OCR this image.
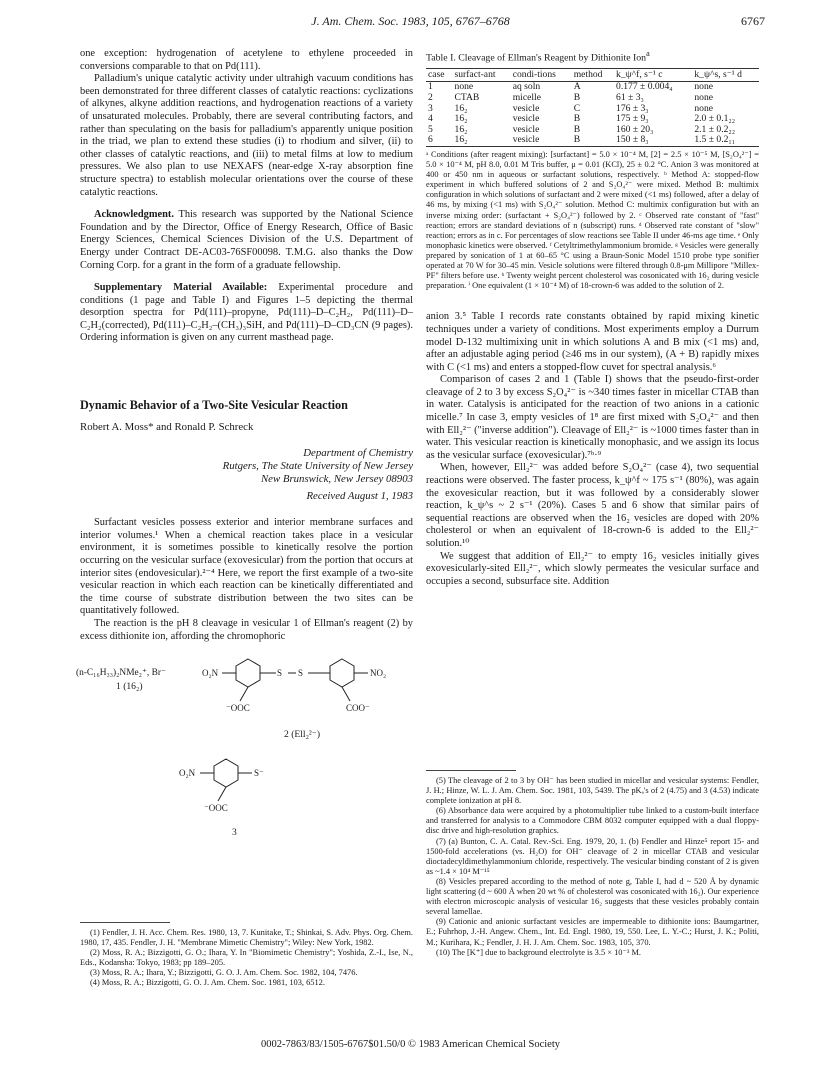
J. Am. Chem. Soc. 1983, 105, 6767–6768	6767

one exception: hydrogenation of acetylene to ethylene proceeded in conversions comparable to that on Pd(111).

Palladium's unique catalytic activity under ultrahigh vacuum conditions has been demonstrated for three different classes of catalytic reactions: cyclizations of alkynes, alkyne addition reactions, and hydrogenation reactions of a variety of unsaturated molecules. Probably, there are several contributing factors, and rather than speculating on the basis for palladium's apparently unique position in the triad, we plan to extend these studies (i) to rhodium and silver, (ii) to other classes of catalytic reactions, and (iii) to metal films at low to medium pressures. We also plan to use NEXAFS (near-edge X-ray absorption fine structure spectra) to establish molecular orientations over the course of these catalytic reactions.

Acknowledgment. This research was supported by the National Science Foundation and by the Director, Office of Energy Research, Office of Basic Energy Sciences, Chemical Sciences Division of the U.S. Department of Energy under Contract DE-AC03-76SF00098. T.M.G. also thanks the Dow Corning Corp. for a grant in the form of a graduate fellowship.

Supplementary Material Available: Experimental procedure and conditions (1 page and Table I) and Figures 1–5 depicting the thermal desorption spectra for Pd(111)–propyne, Pd(111)–D–C₂H₂, Pd(111)–D–C₂H₂(corrected), Pd(111)–C₂H₂–(CH₃)₃SiH, and Pd(111)–D–CD₃CN (9 pages). Ordering information is given on any current masthead page.

Dynamic Behavior of a Two-Site Vesicular Reaction
Robert A. Moss* and Ronald P. Schreck
Department of Chemistry
Rutgers, The State University of New Jersey
New Brunswick, New Jersey 08903
Received August 1, 1983

Surfactant vesicles possess exterior and interior membrane surfaces and interior volumes.¹ When a chemical reaction takes place in a vesicular environment, it is sometimes possible to kinetically resolve the portion occurring on the vesicular surface (exovesicular) from the portion that occurs at interior sites (endovesicular).²⁻⁴ Here, we report the first example of a two-site vesicular reaction in which each reaction can be kinetically differentiated and the time course of substrate distribution between the two sites can be quantitatively followed.

The reaction is the pH 8 cleavage in vesicular 1 of Ellman's reagent (2) by excess dithionite ion, affording the chromophoric

(n-C₁₆H₃₃)₂NMe₂⁺, Br⁻
1 (16₂)
O₂N	S S	NO₂
⁻OOC	COO⁻
2 (Ell₂²⁻)
O₂N	S⁻
⁻OOC
3

(1) Fendler, J. H. Acc. Chem. Res. 1980, 13, 7. Kunitake, T.; Shinkai, S. Adv. Phys. Org. Chem. 1980, 17, 435. Fendler, J. H. "Membrane Mimetic Chemistry"; Wiley: New York, 1982.

(2) Moss, R. A.; Bizzigotti, G. O.; Ihara, Y. In "Biomimetic Chemistry"; Yoshida, Z.-I., Ise, N., Eds., Kodansha: Tokyo, 1983; pp 189–205.

(3) Moss, R. A.; Ihara, Y.; Bizzigotti, G. O. J. Am. Chem. Soc. 1982, 104, 7476.

(4) Moss, R. A.; Bizzigotti, G. O. J. Am. Chem. Soc. 1981, 103, 6512.

Table I. Cleavage of Ellman's Reagent by Dithionite Ion$^a$
case	surfact-ant	condi-tions	method	k_ψ^f, s⁻¹ c	k_ψ^s, s⁻¹ d
1	none	aq soln	A	0.177 ± 0.004₄	none
2	CTAB	micelle	B	61 ± 3₃	none
3	16₂	vesicle	C	176 ± 3₃	none
4	16₂	vesicle	B	175 ± 9₃	2.0 ± 0.1₂₂
5	16₂	vesicle	B	160 ± 20₃	2.1 ± 0.2₂₂
6	16₂	vesicle	B	150 ± 8₃	1.5 ± 0.2₁₁
ᵃ Conditions (after reagent mixing): [surfactant] = 5.0 × 10⁻⁴ M, [2] = 2.5 × 10⁻⁵ M, [S₂O₄²⁻] = 5.0 × 10⁻⁴ M, pH 8.0, 0.01 M Tris buffer, μ = 0.01 (KCl), 25 ± 0.2 °C. Anion 3 was monitored at 400 or 450 nm in aqueous or surfactant solutions, respectively. ᵇ Method A: stopped-flow experiment in which buffered solutions of 2 and S₂O₄²⁻ were mixed. Method B: multimix configuration in which solutions of surfactant and 2 were mixed (<1 ms) followed, after a delay of 46 ms, by mixing (<1 ms) with S₂O₄²⁻ solution. Method C: multimix configuration but with an inverse mixing order: (surfactant + S₂O₄²⁻) followed by 2. ᶜ Observed rate constant of "fast" reaction; errors are standard deviations of n (subscript) runs. ᵈ Observed rate constant of "slow" reaction; errors as in c. For percentages of slow reactions see Table II under 46-ms age time. ᵉ Only monophasic kinetics were observed. ᶠ Cetyltrimethylammonium bromide. ᵍ Vesicles were generally prepared by sonication of 1 at 60–65 °C using a Braun-Sonic Model 1510 probe type sonifier operated at 70 W for 30–45 min. Vesicle solutions were filtered through 0.8-μm Millipore "Millex-PF" filters before use. ʰ Twenty weight percent cholesterol was cosonicated with 16₂ during vesicle preparation. ⁱ One equivalent (1 × 10⁻⁴ M) of 18-crown-6 was added to the solution of 2.

anion 3.⁵ Table I records rate constants obtained by rapid mixing kinetic techniques under a variety of conditions. Most experiments employ a Durrum model D-132 multimixing unit in which solutions A and B mix (<1 ms) and, after an adjustable aging period (≥46 ms in our system), (A + B) rapidly mixes with C (<1 ms) and enters a stopped-flow cuvet for spectral analysis.⁶

Comparison of cases 2 and 1 (Table I) shows that the pseudo-first-order cleavage of 2 to 3 by excess S₂O₄²⁻ is ~340 times faster in micellar CTAB than in water. Catalysis is anticipated for the reaction of two anions in a cationic micelle.⁷ In case 3, empty vesicles of 1⁸ are first mixed with S₂O₄²⁻ and then with Ell₂²⁻ ("inverse addition"). Cleavage of Ell₂²⁻ is ~1000 times faster than in water. This vesicular reaction is kinetically monophasic, and we assign its locus as the vesicular surface (exovesicular).⁷ᵇ·⁹

When, however, Ell₂²⁻ was added before S₂O₄²⁻ (case 4), two sequential reactions were observed. The faster process, k_ψ^f ~ 175 s⁻¹ (80%), was again the exovesicular reaction, but it was followed by a considerably slower reaction, k_ψ^s ~ 2 s⁻¹ (20%). Cases 5 and 6 show that similar pairs of sequential reactions are observed when the 16₂ vesicles are doped with 20% cholesterol or when an equivalent of 18-crown-6 is added to the Ell₂²⁻ solution.¹⁰

We suggest that addition of Ell₂²⁻ to empty 16₂ vesicles initially gives exovesicularly-sited Ell₂²⁻, which slowly permeates the vesicular surface and occupies a second, subsurface site. Addition

(5) The cleavage of 2 to 3 by OH⁻ has been studied in micellar and vesicular systems: Fendler, J. H.; Hinze, W. L. J. Am. Chem. Soc. 1981, 103, 5439. The pKₐ's of 2 (4.75) and 3 (4.53) indicate complete ionization at pH 8.

(6) Absorbance data were acquired by a photomultiplier tube linked to a custom-built interface and transferred for analysis to a Commodore CBM 8032 computer equipped with a dual floppy-disc drive and high-resolution graphics.

(7) (a) Bunton, C. A. Catal. Rev.-Sci. Eng. 1979, 20, 1. (b) Fendler and Hinze⁵ report 15- and 1500-fold accelerations (vs. H₂O) for OH⁻ cleavage of 2 in micellar CTAB and vesicular dioctadecyldimethylammonium chloride, respectively. The vesicular binding constant of 2 is given as ~1.4 × 10⁴ M⁻¹⁵

(8) Vesicles prepared according to the method of note g, Table I, had d ~ 520 Å by dynamic light scattering (d ~ 600 Å when 20 wt % of cholesterol was cosonicated with 16₂). Our experience with electron microscopic analysis of vesicular 16₂ suggests that these vesicles probably contain several lamellae.

(9) Cationic and anionic surfactant vesicles are impermeable to dithionite ions: Baumgartner, E.; Fuhrhop, J.-H. Angew. Chem., Int. Ed. Engl. 1980, 19, 550. Lee, L. Y.-C.; Hurst, J. K.; Politi, M.; Kurihara, K.; Fendler, J. H. J. Am. Chem. Soc. 1983, 105, 370.

(10) The [K⁺] due to background electrolyte is 3.5 × 10⁻³ M.

0002-7863/83/1505-6767$01.50/0 © 1983 American Chemical Society
